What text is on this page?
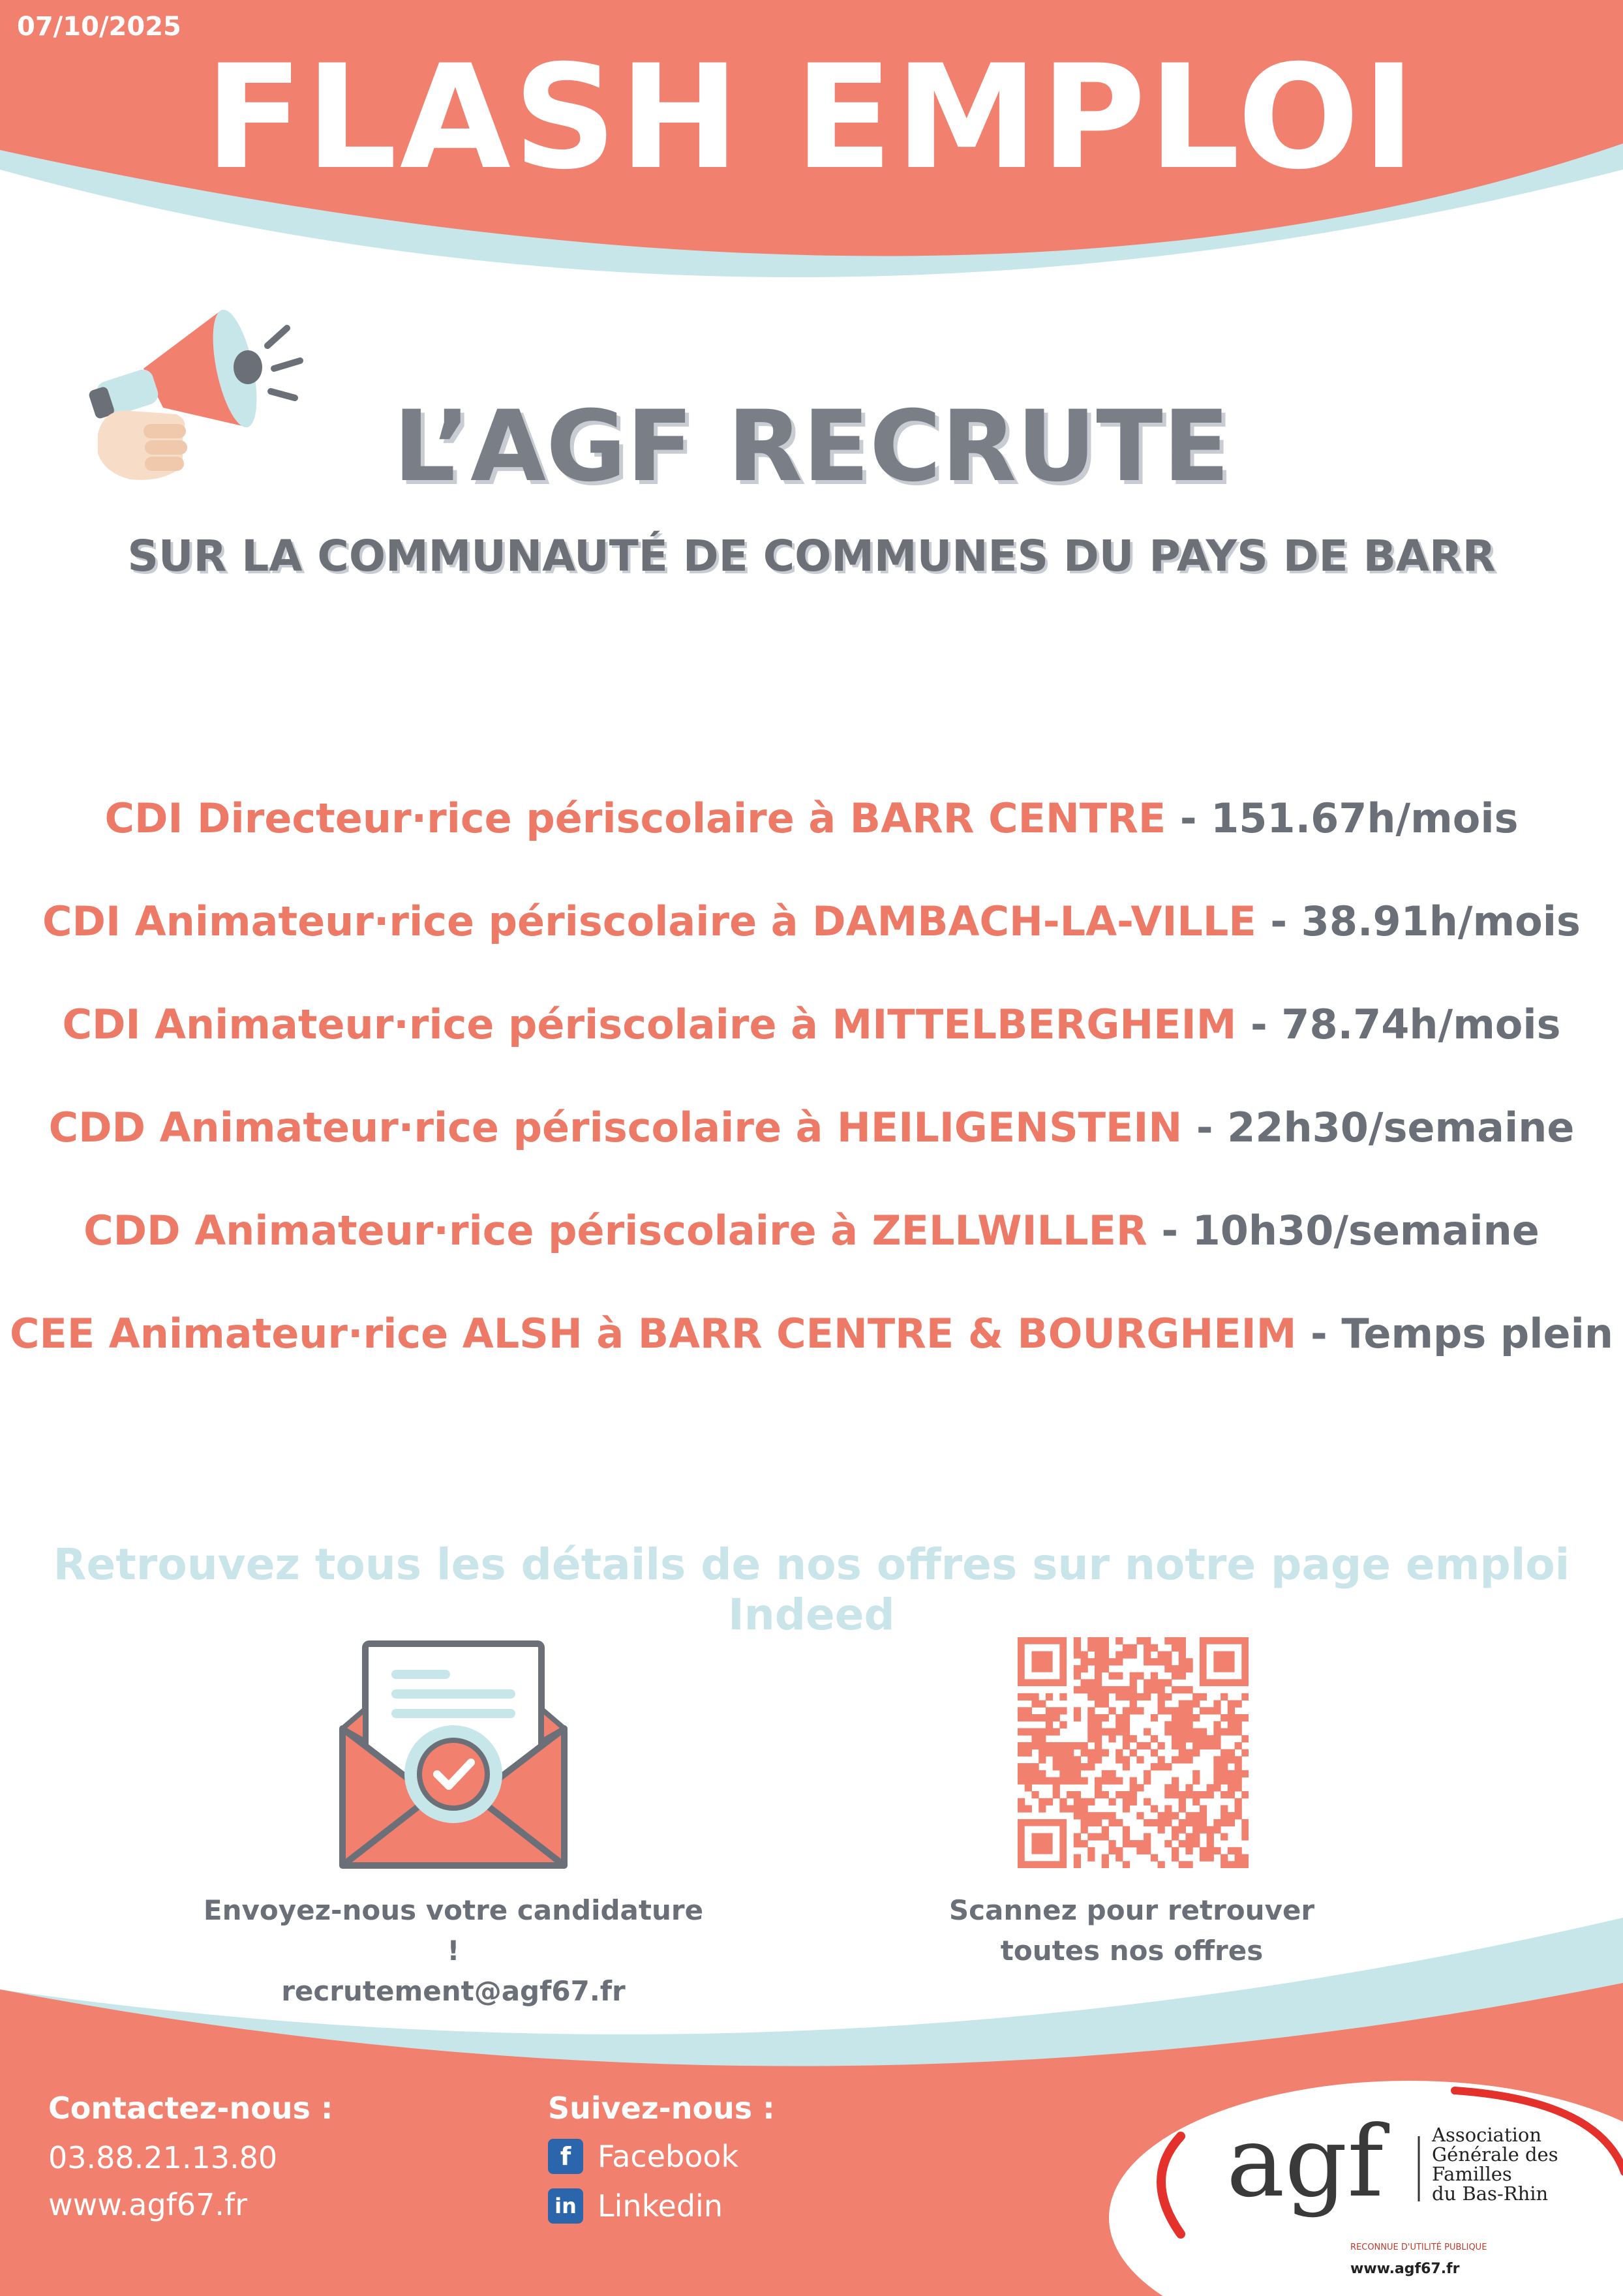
07/10/2025
FLASH EMPLOI
L’AGF RECRUTE
SUR LA COMMUNAUTÉ DE COMMUNES DU PAYS DE BARR
CDI Directeur·rice périscolaire à BARR CENTRE - 151.67h/mois
CDI Animateur·rice périscolaire à DAMBACH-LA-VILLE - 38.91h/mois
CDI Animateur·rice périscolaire à MITTELBERGHEIM - 78.74h/mois
CDD Animateur·rice périscolaire à HEILIGENSTEIN - 22h30/semaine
CDD Animateur·rice périscolaire à ZELLWILLER - 10h30/semaine
CEE Animateur·rice ALSH à BARR CENTRE & BOURGHEIM - Temps plein
Retrouvez tous les détails de nos offres sur notre page emploi Indeed
Envoyez-nous votre candidature !
recrutement@agf67.fr
Scannez pour retrouver
toutes nos offres
Contactez-nous :
03.88.21.13.80
www.agf67.fr
Suivez-nous :
f Facebook
in Linkedin	agf	Association
Générale des
Familles
du Bas-Rhin
RECONNUE D'UTILITÉ PUBLIQUE
www.agf67.fr
